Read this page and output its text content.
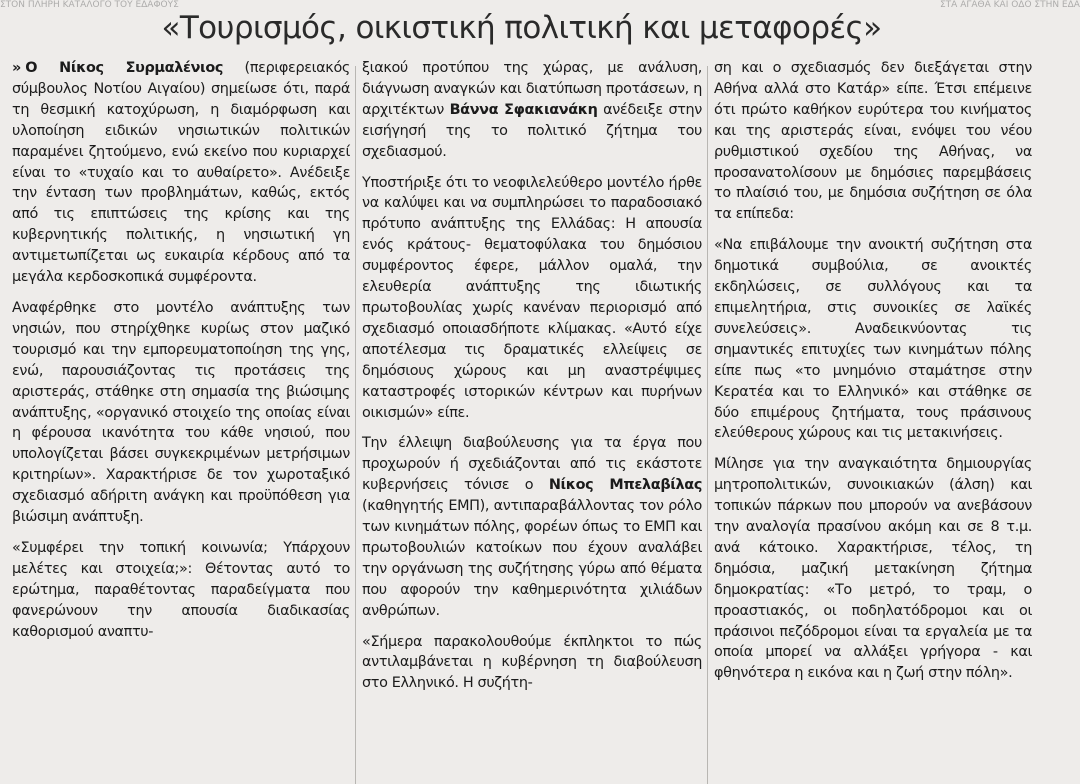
ΣΤΟΝ ΠΛΗΡΗ ΚΑΤΑΛΟΓΟ ΤΟΥ ΕΔΑΦΟΥΣ	ΣΤΑ ΑΓΑΘΑ ΚΑΙ ΟΔΟ ΣΤΗΝ ΕΔΑ
«Τουρισμός, οικιστική πολιτική και μεταφορές»

» Ο Νίκος Συρμαλένιος (περιφερειακός σύμβουλος Νοτίου Αιγαίου) σημείωσε ότι, παρά τη θεσμική κατοχύρωση, η διαμόρφωση και υλοποίηση ειδικών νησιωτικών πολιτικών παραμένει ζητούμενο, ενώ εκείνο που κυριαρχεί είναι το «τυχαίο και το αυθαίρετο». Ανέδειξε την ένταση των προβλημάτων, καθώς, εκτός από τις επιπτώσεις της κρίσης και της κυβερνητικής πολιτικής, η νησιωτική γη αντιμετωπίζεται ως ευκαιρία κέρδους από τα μεγάλα κερδοσκοπικά συμφέροντα.

Αναφέρθηκε στο μοντέλο ανάπτυξης των νησιών, που στηρίχθηκε κυρίως στον μαζικό τουρισμό και την εμπορευματοποίηση της γης, ενώ, παρουσιάζοντας τις προτάσεις της αριστεράς, στάθηκε στη σημασία της βιώσιμης ανάπτυξης, «οργανικό στοιχείο της οποίας είναι η φέρουσα ικανότητα του κάθε νησιού, που υπολογίζεται βάσει συγκεκριμένων μετρήσιμων κριτηρίων». Χαρακτήρισε δε τον χωροταξικό σχεδιασμό αδήριτη ανάγκη και προϋπόθεση για βιώσιμη ανάπτυξη.

«Συμφέρει την τοπική κοινωνία; Υπάρχουν μελέτες και στοιχεία;»: Θέτοντας αυτό το ερώτημα, παραθέτοντας παραδείγματα που φανερώνουν την απουσία διαδικασίας καθορισμού αναπτυ-

ξιακού προτύπου της χώρας, με ανάλυση, διάγνωση αναγκών και διατύπωση προτάσεων, η αρχιτέκτων Βάννα Σφακιανάκη ανέδειξε στην εισήγησή της το πολιτικό ζήτημα του σχεδιασμού.

Υποστήριξε ότι το νεοφιλελεύθερο μοντέλο ήρθε να καλύψει και να συμπληρώσει το παραδοσιακό πρότυπο ανάπτυξης της Ελλάδας: Η απουσία ενός κράτους- θεματοφύλακα του δημόσιου συμφέροντος έφερε, μάλλον ομαλά, την ελευθερία ανάπτυξης της ιδιωτικής πρωτοβουλίας χωρίς κανέναν περιορισμό από σχεδιασμό οποιασδήποτε κλίμακας. «Αυτό είχε αποτέλεσμα τις δραματικές ελλείψεις σε δημόσιους χώρους και μη αναστρέψιμες καταστροφές ιστορικών κέντρων και πυρήνων οικισμών» είπε.

Την έλλειψη διαβούλευσης για τα έργα που προχωρούν ή σχεδιάζονται από τις εκάστοτε κυβερνήσεις τόνισε ο Νίκος Μπελαβίλας (καθηγητής ΕΜΠ), αντιπαραβάλλοντας τον ρόλο των κινημάτων πόλης, φορέων όπως το ΕΜΠ και πρωτοβουλιών κατοίκων που έχουν αναλάβει την οργάνωση της συζήτησης γύρω από θέματα που αφορούν την καθημερινότητα χιλιάδων ανθρώπων.

«Σήμερα παρακολουθούμε έκπληκτοι το πώς αντιλαμβάνεται η κυβέρνηση τη διαβούλευση στο Ελληνικό. Η συζήτη-

ση και ο σχεδιασμός δεν διεξάγεται στην Αθήνα αλλά στο Κατάρ» είπε. Έτσι επέμεινε ότι πρώτο καθήκον ευρύτερα του κινήματος και της αριστεράς είναι, ενόψει του νέου ρυθμιστικού σχεδίου της Αθήνας, να προσανατολίσουν με δημόσιες παρεμβάσεις το πλαίσιό του, με δημόσια συζήτηση σε όλα τα επίπεδα:

«Να επιβάλουμε την ανοικτή συζήτηση στα δημοτικά συμβούλια, σε ανοικτές εκδηλώσεις, σε συλλόγους και τα επιμελητήρια, στις συνοικίες σε λαϊκές συνελεύσεις». Αναδεικνύοντας τις σημαντικές επιτυχίες των κινημάτων πόλης είπε πως «το μνημόνιο σταμάτησε στην Κερατέα και το Ελληνικό» και στάθηκε σε δύο επιμέρους ζητήματα, τους πράσινους ελεύθερους χώρους και τις μετακινήσεις.

Μίλησε για την αναγκαιότητα δημιουργίας μητροπολιτικών, συνοικιακών (άλση) και τοπικών πάρκων που μπορούν να ανεβάσουν την αναλογία πρασίνου ακόμη και σε 8 τ.μ. ανά κάτοικο. Χαρακτήρισε, τέλος, τη δημόσια, μαζική μετακίνηση ζήτημα δημοκρατίας: «Το μετρό, το τραμ, ο προαστιακός, οι ποδηλατόδρομοι και οι πράσινοι πεζόδρομοι είναι τα εργαλεία με τα οποία μπορεί να αλλάξει γρήγορα - και φθηνότερα η εικόνα και η ζωή στην πόλη».
